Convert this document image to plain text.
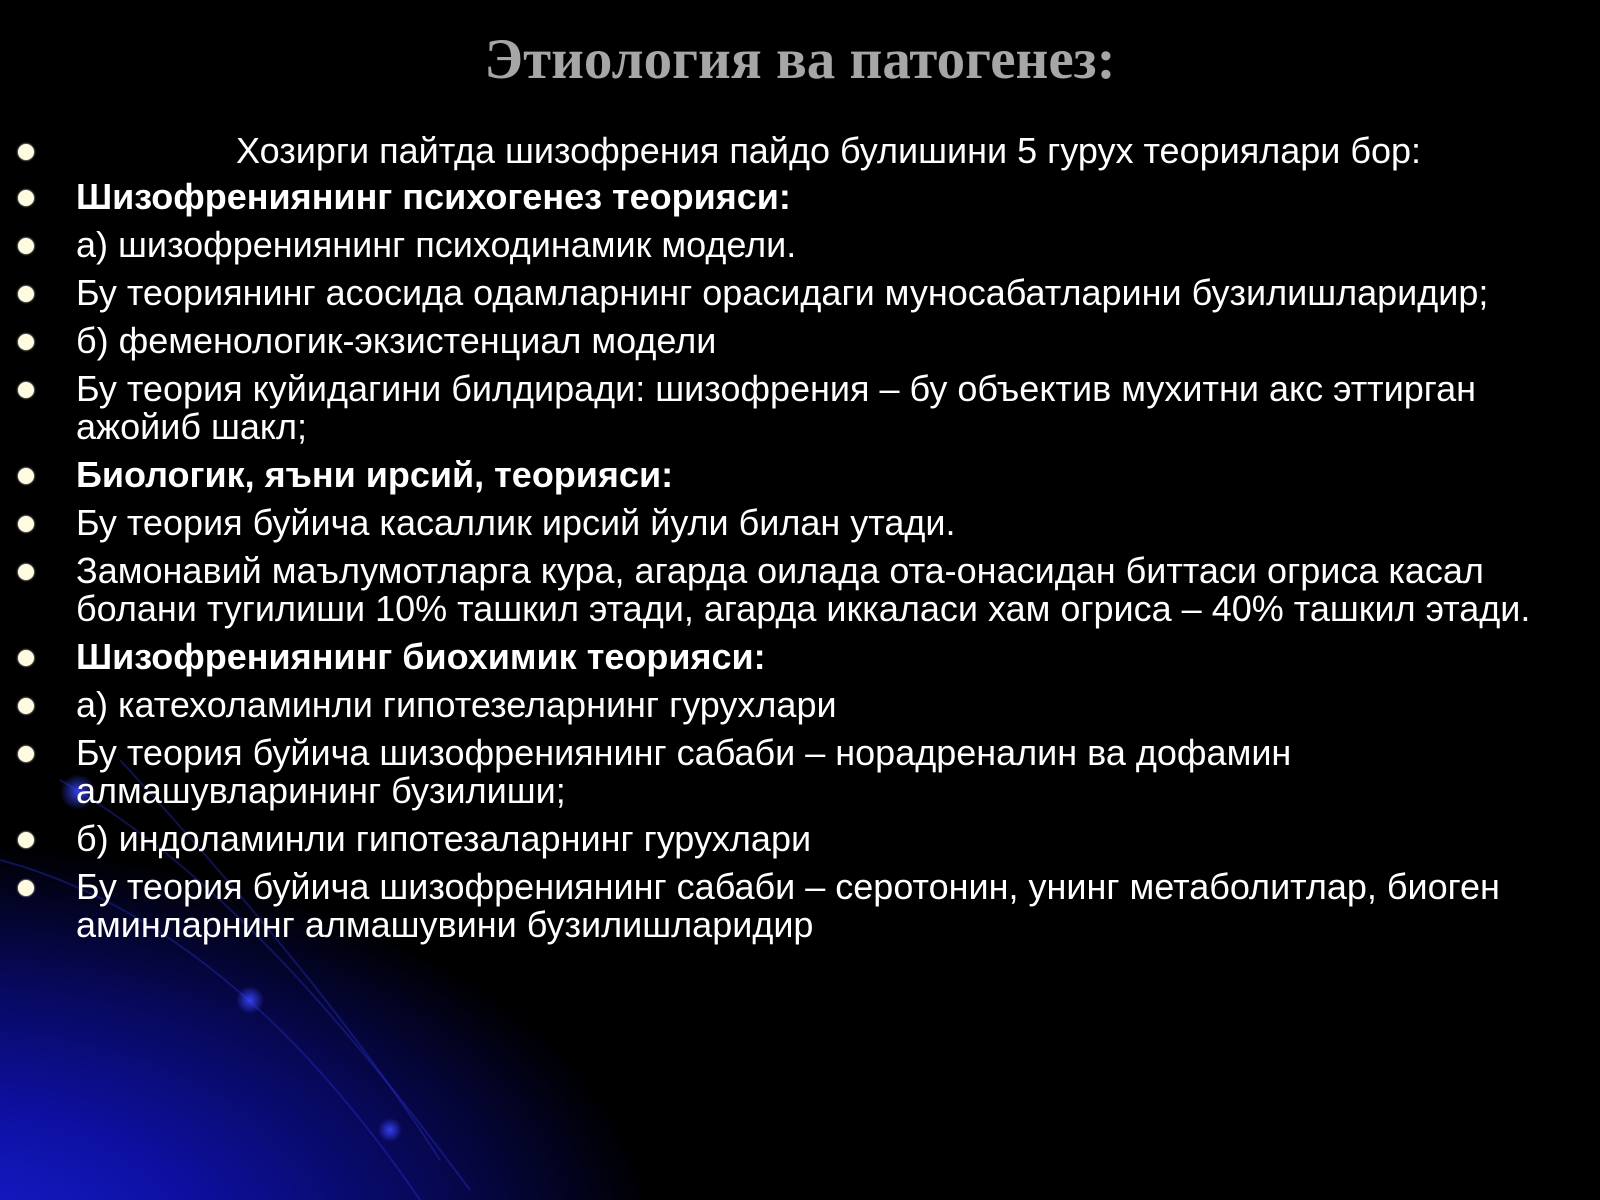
Этиология ва патогенез:
Хозирги пайтда шизофрения пайдо булишини 5 гурух теориялари бор:
Шизофрениянинг психогенез теорияси:
а) шизофрениянинг психодинамик модели.
Бу теориянинг асосида одамларнинг орасидаги муносабатларини бузилишларидир;
б) феменологик-экзистенциал модели
Бу теория куйидагини билдиради: шизофрения – бу объектив мухитни акс эттирган ажойиб шакл;
Биологик, яъни ирсий, теорияси:
Бу теория буйича касаллик ирсий йули билан утади.
Замонавий маълумотларга кура, агарда оилада ота-онасидан биттаси огриса касал болани тугилиши 10% ташкил этади, агарда иккаласи хам огриса – 40% ташкил этади.
Шизофрениянинг биохимик теорияси:
а) катехоламинли гипотезеларнинг гурухлари
Бу теория буйича шизофрениянинг сабаби – норадреналин ва дофамин алмашувларининг бузилиши;
б) индоламинли гипотезаларнинг гурухлари
Бу теория буйича шизофрениянинг сабаби – серотонин, унинг метаболитлар, биоген аминларнинг алмашувини бузилишларидир
